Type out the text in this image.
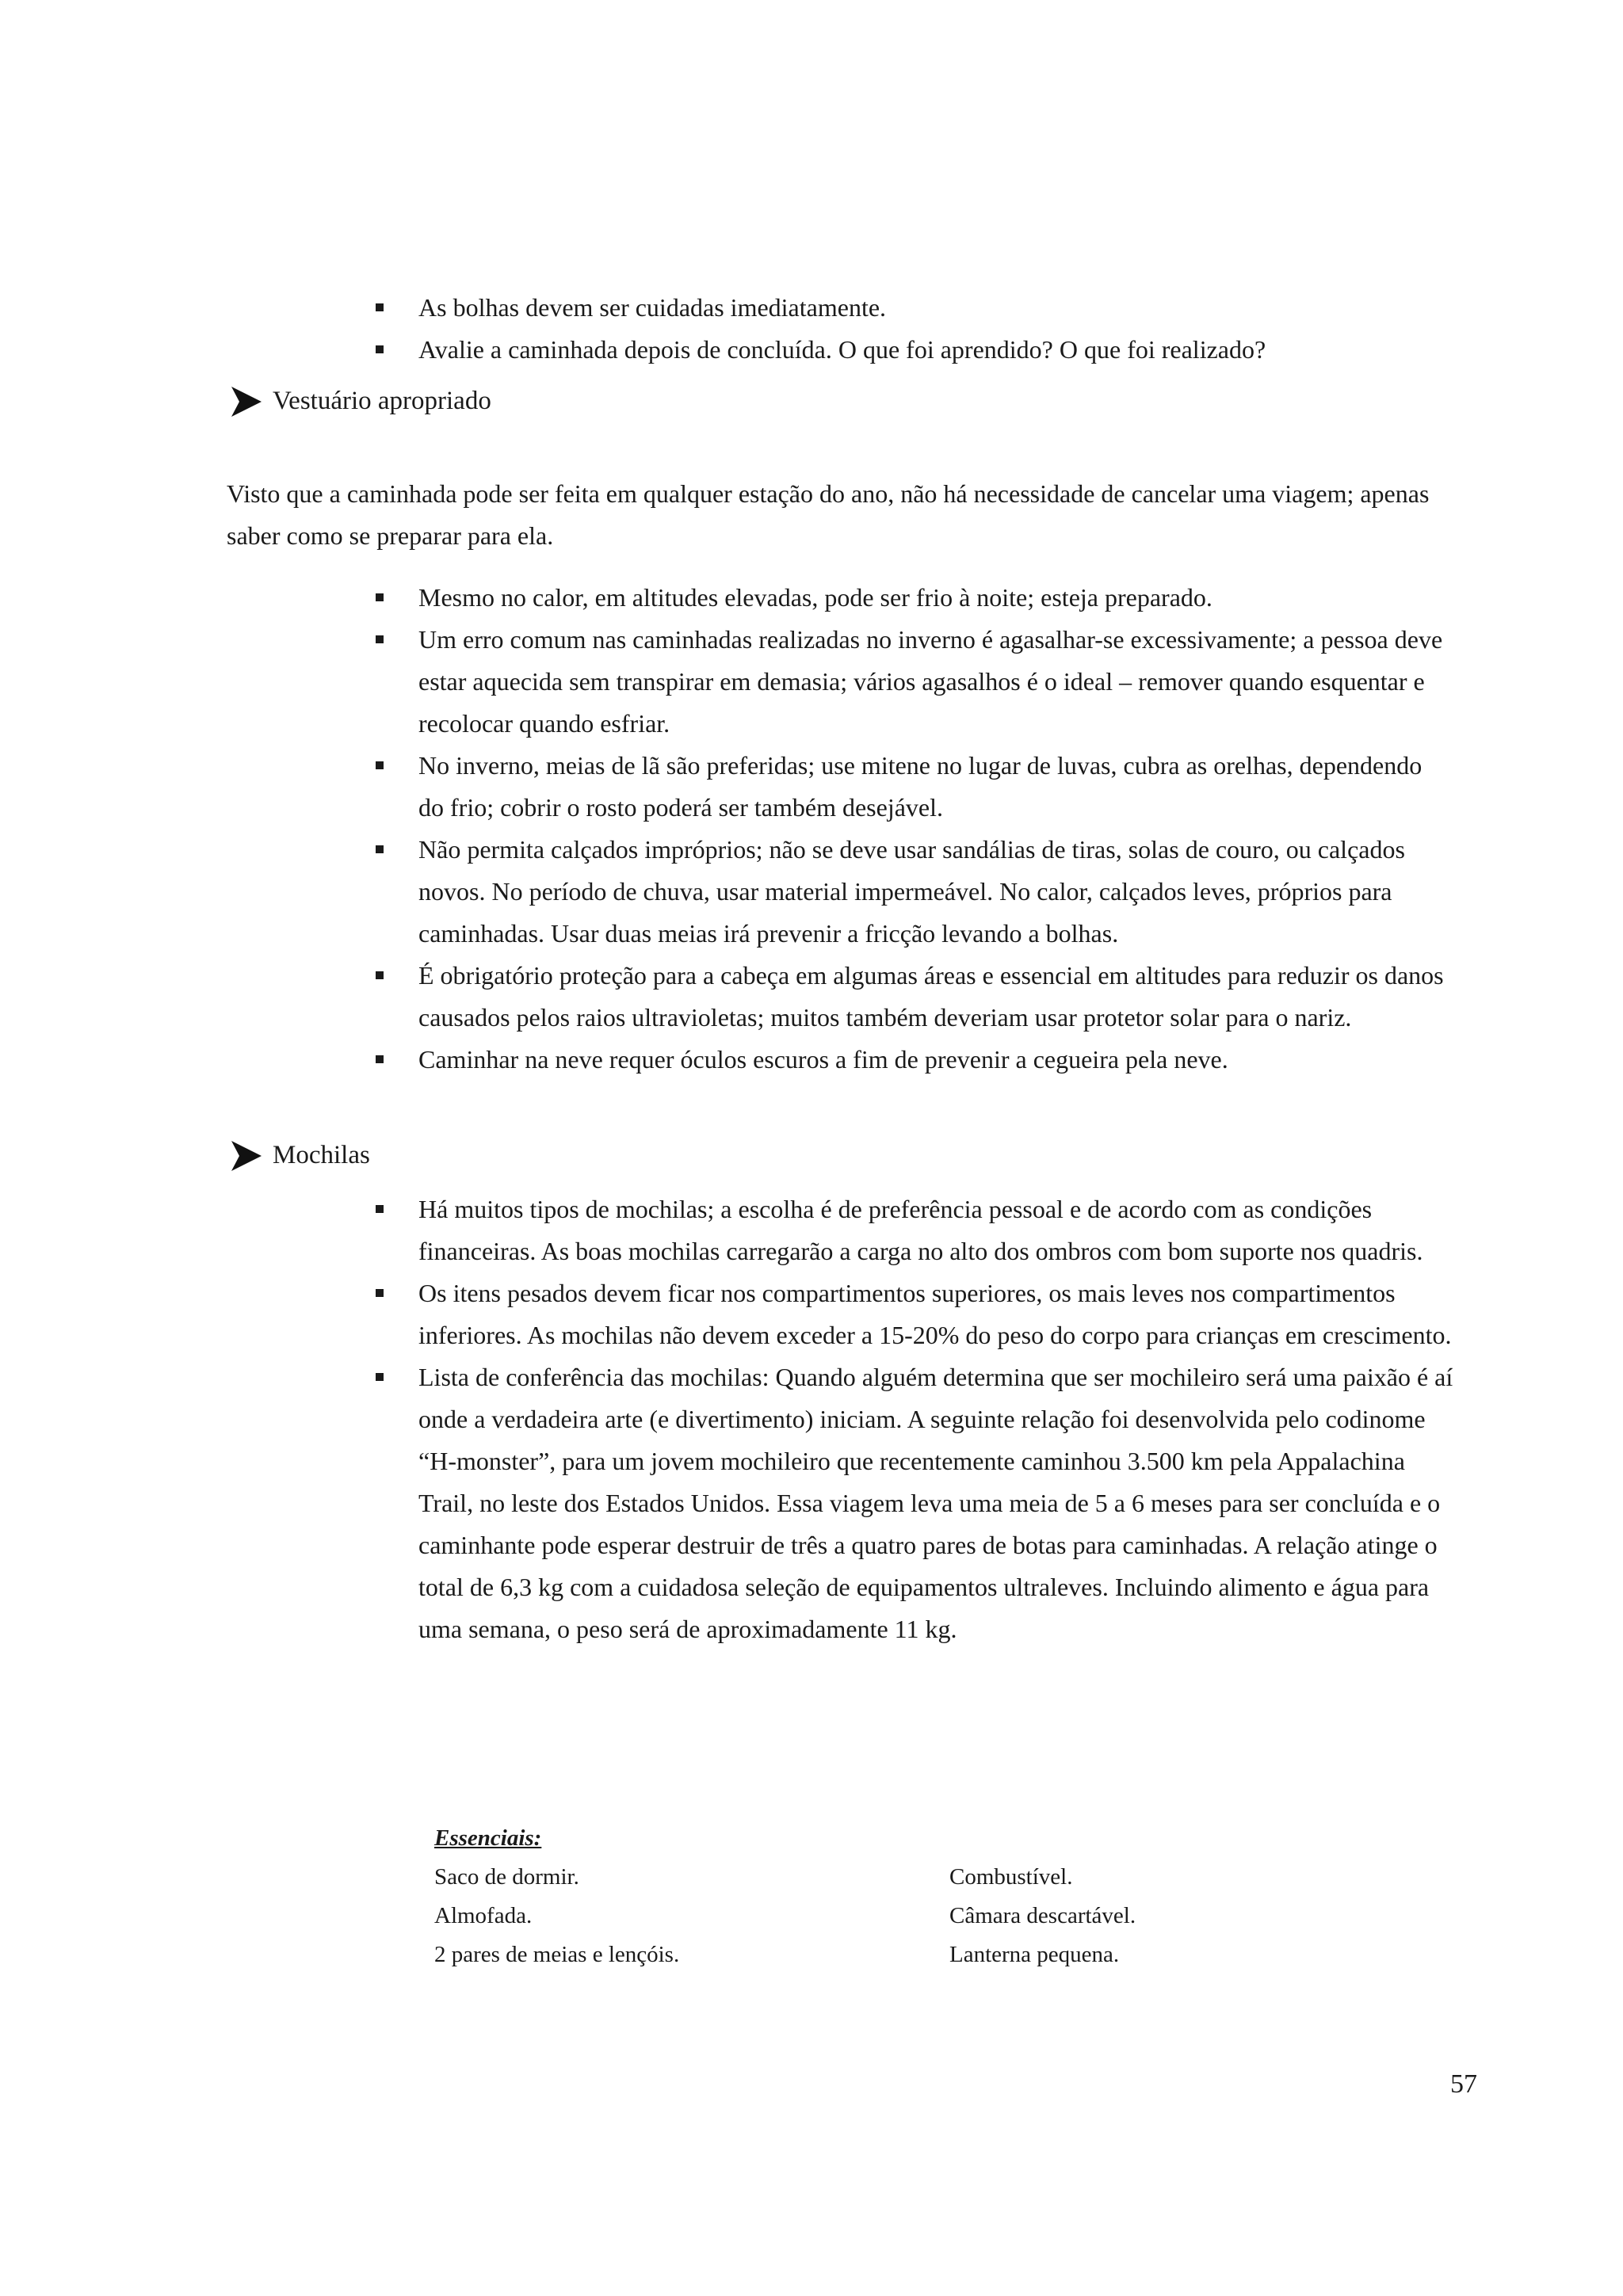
As bolhas devem ser cuidadas imediatamente.
Avalie a caminhada depois de concluída. O que foi aprendido? O que foi realizado?
Vestuário apropriado

Visto que a caminhada pode ser feita em qualquer estação do ano, não há necessidade de cancelar uma viagem; apenas saber como se preparar para ela.

Mesmo no calor, em altitudes elevadas, pode ser frio à noite; esteja preparado.
Um erro comum nas caminhadas realizadas no inverno é agasalhar-se excessivamente; a pessoa deve estar aquecida sem transpirar em demasia; vários agasalhos é o ideal – remover quando esquentar e recolocar quando esfriar.
No inverno, meias de lã são preferidas; use mitene no lugar de luvas, cubra as orelhas, dependendo do frio; cobrir o rosto poderá ser também desejável.
Não permita calçados impróprios; não se deve usar sandálias de tiras, solas de couro, ou calçados novos. No período de chuva, usar material impermeável. No calor, calçados leves, próprios para caminhadas. Usar duas meias irá prevenir a fricção levando a bolhas.
É obrigatório proteção para a cabeça em algumas áreas e essencial em altitudes para reduzir os danos causados pelos raios ultravioletas; muitos também deveriam usar protetor solar para o nariz.
Caminhar na neve requer óculos escuros a fim de prevenir a cegueira pela neve.
Mochilas
Há muitos tipos de mochilas; a escolha é de preferência pessoal e de acordo com as condições financeiras. As boas mochilas carregarão a carga no alto dos ombros com bom suporte nos quadris.
Os itens pesados devem ficar nos compartimentos superiores, os mais leves nos compartimentos inferiores. As mochilas não devem exceder a 15-20% do peso do corpo para crianças em crescimento.
Lista de conferência das mochilas: Quando alguém determina que ser mochileiro será uma paixão é aí onde a verdadeira arte (e divertimento) iniciam. A seguinte relação foi desenvolvida pelo codinome “H-monster”, para um jovem mochileiro que recentemente caminhou 3.500 km pela Appalachina Trail, no leste dos Estados Unidos. Essa viagem leva uma meia de 5 a 6 meses para ser concluída e o caminhante pode esperar destruir de três a quatro pares de botas para caminhadas. A relação atinge o total de 6,3 kg com a cuidadosa seleção de equipamentos ultraleves. Incluindo alimento e água para uma semana, o peso será de aproximadamente 11 kg.
Essenciais:
Saco de dormir.
Almofada.
2 pares de meias e lençóis.
Combustível.
Câmara descartável.
Lanterna pequena.
57
